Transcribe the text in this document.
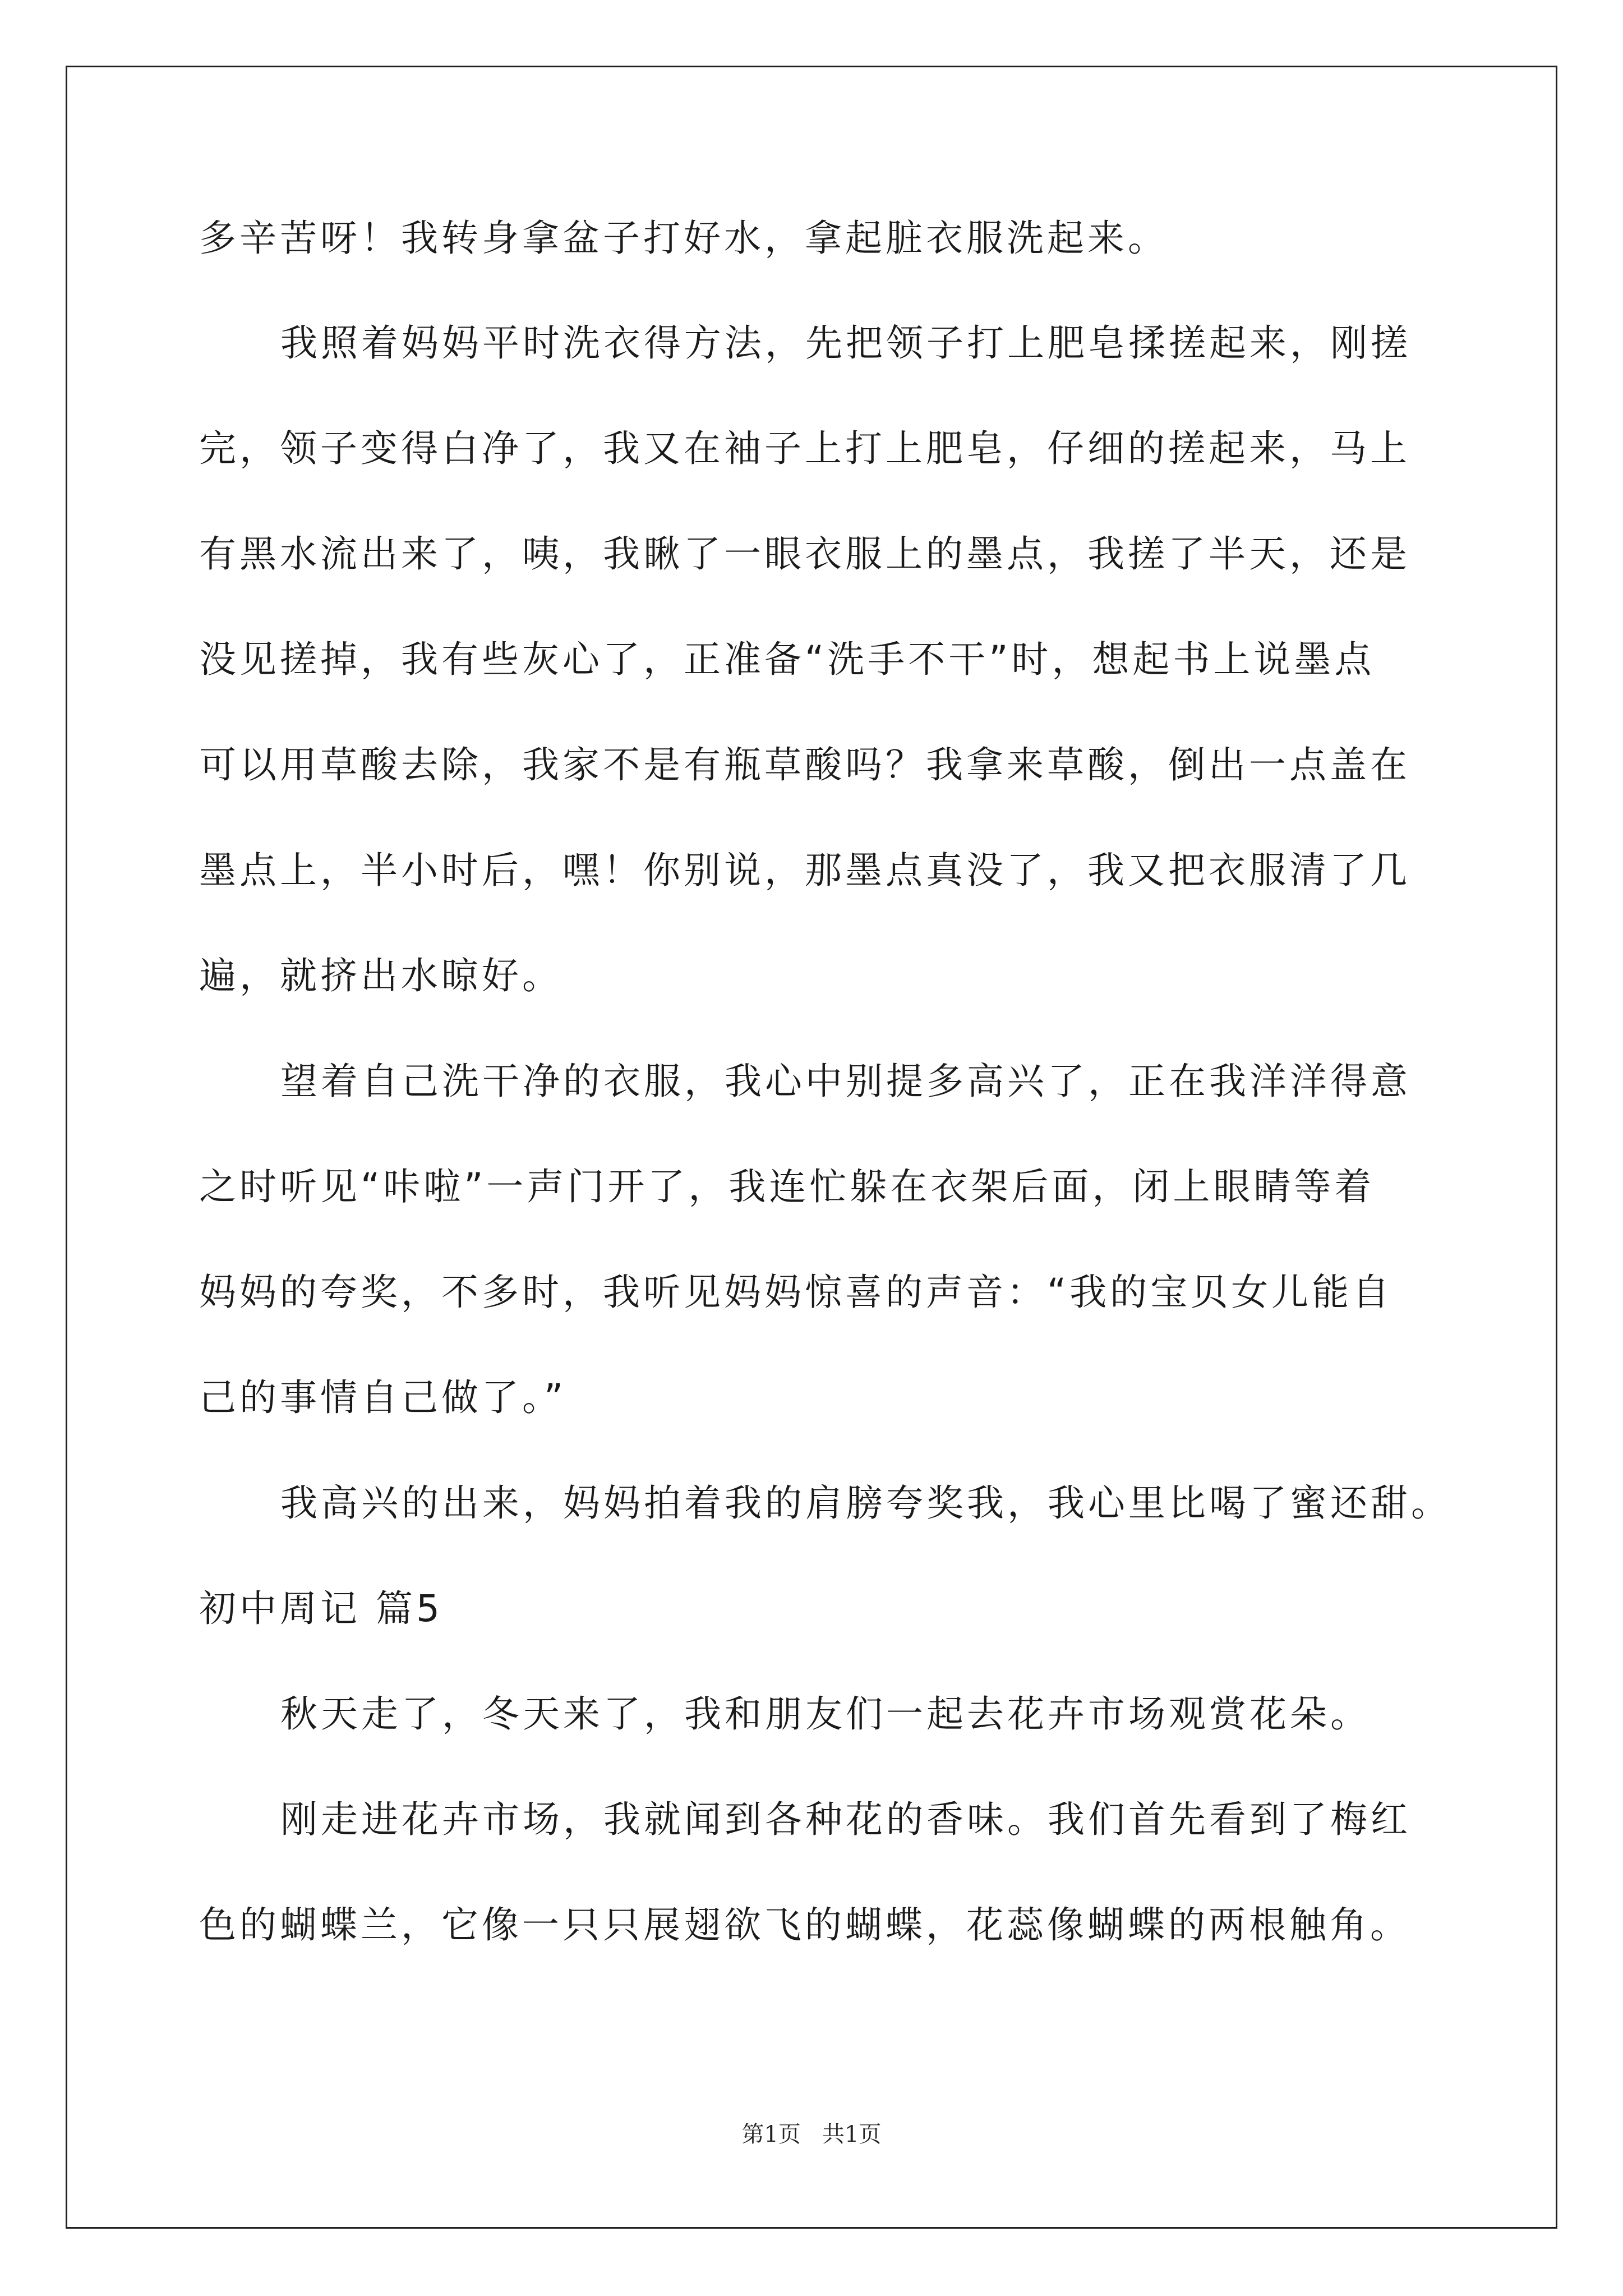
多辛苦呀！我转身拿盆子打好水，拿起脏衣服洗起来。
我照着妈妈平时洗衣得方法，先把领子打上肥皂揉搓起来，刚搓
完，领子变得白净了，我又在袖子上打上肥皂，仔细的搓起来，马上
有黑水流出来了，咦，我瞅了一眼衣服上的墨点，我搓了半天，还是
没见搓掉，我有些灰心了，正准备“洗手不干”时，想起书上说墨点
可以用草酸去除，我家不是有瓶草酸吗？我拿来草酸，倒出一点盖在
墨点上，半小时后，嘿！你别说，那墨点真没了，我又把衣服清了几
遍，就挤出水晾好。
望着自己洗干净的衣服，我心中别提多高兴了，正在我洋洋得意
之时听见“咔啦”一声门开了，我连忙躲在衣架后面，闭上眼睛等着
妈妈的夸奖，不多时，我听见妈妈惊喜的声音：“我的宝贝女儿能自
己的事情自己做了。”
我高兴的出来，妈妈拍着我的肩膀夸奖我，我心里比喝了蜜还甜。
初中周记 篇5
秋天走了，冬天来了，我和朋友们一起去花卉市场观赏花朵。
刚走进花卉市场，我就闻到各种花的香味。我们首先看到了梅红
色的蝴蝶兰，它像一只只展翅欲飞的蝴蝶，花蕊像蝴蝶的两根触角。
第1页   共1页
